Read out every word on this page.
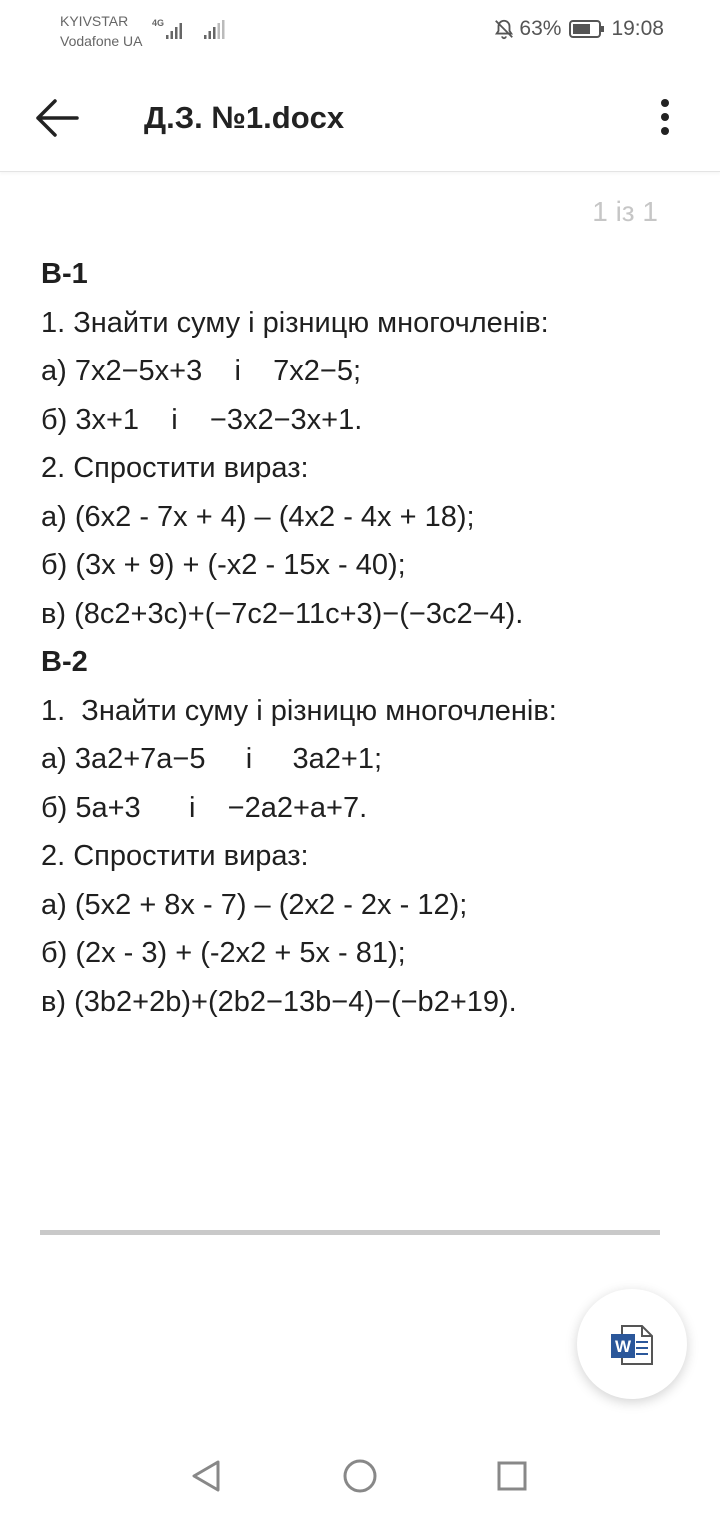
KYIVSTAR
Vodafone UA
4G	63% 19:08
Д.З. №1.docx
1 із 1
В-1
1. Знайти суму і різницю многочленів:
а) 7x2−5x+3    і    7x2−5;
б) 3x+1    і    −3x2−3x+1.
2. Спростити вираз:
а) (6x2 - 7x + 4) – (4x2 - 4x + 18);
б) (3x + 9) + (-x2 - 15x - 40);
в) (8c2+3c)+(−7c2−11c+3)−(−3c2−4).
В-2
1.  Знайти суму і різницю многочленів:
а) 3a2+7a−5     і     3a2+1;
б) 5a+3      і    −2a2+a+7.
2. Спростити вираз:
а) (5x2 + 8x - 7) – (2x2 - 2x - 12);
б) (2x - 3) + (-2x2 + 5x - 81);
в) (3b2+2b)+(2b2−13b−4)−(−b2+19).
W
